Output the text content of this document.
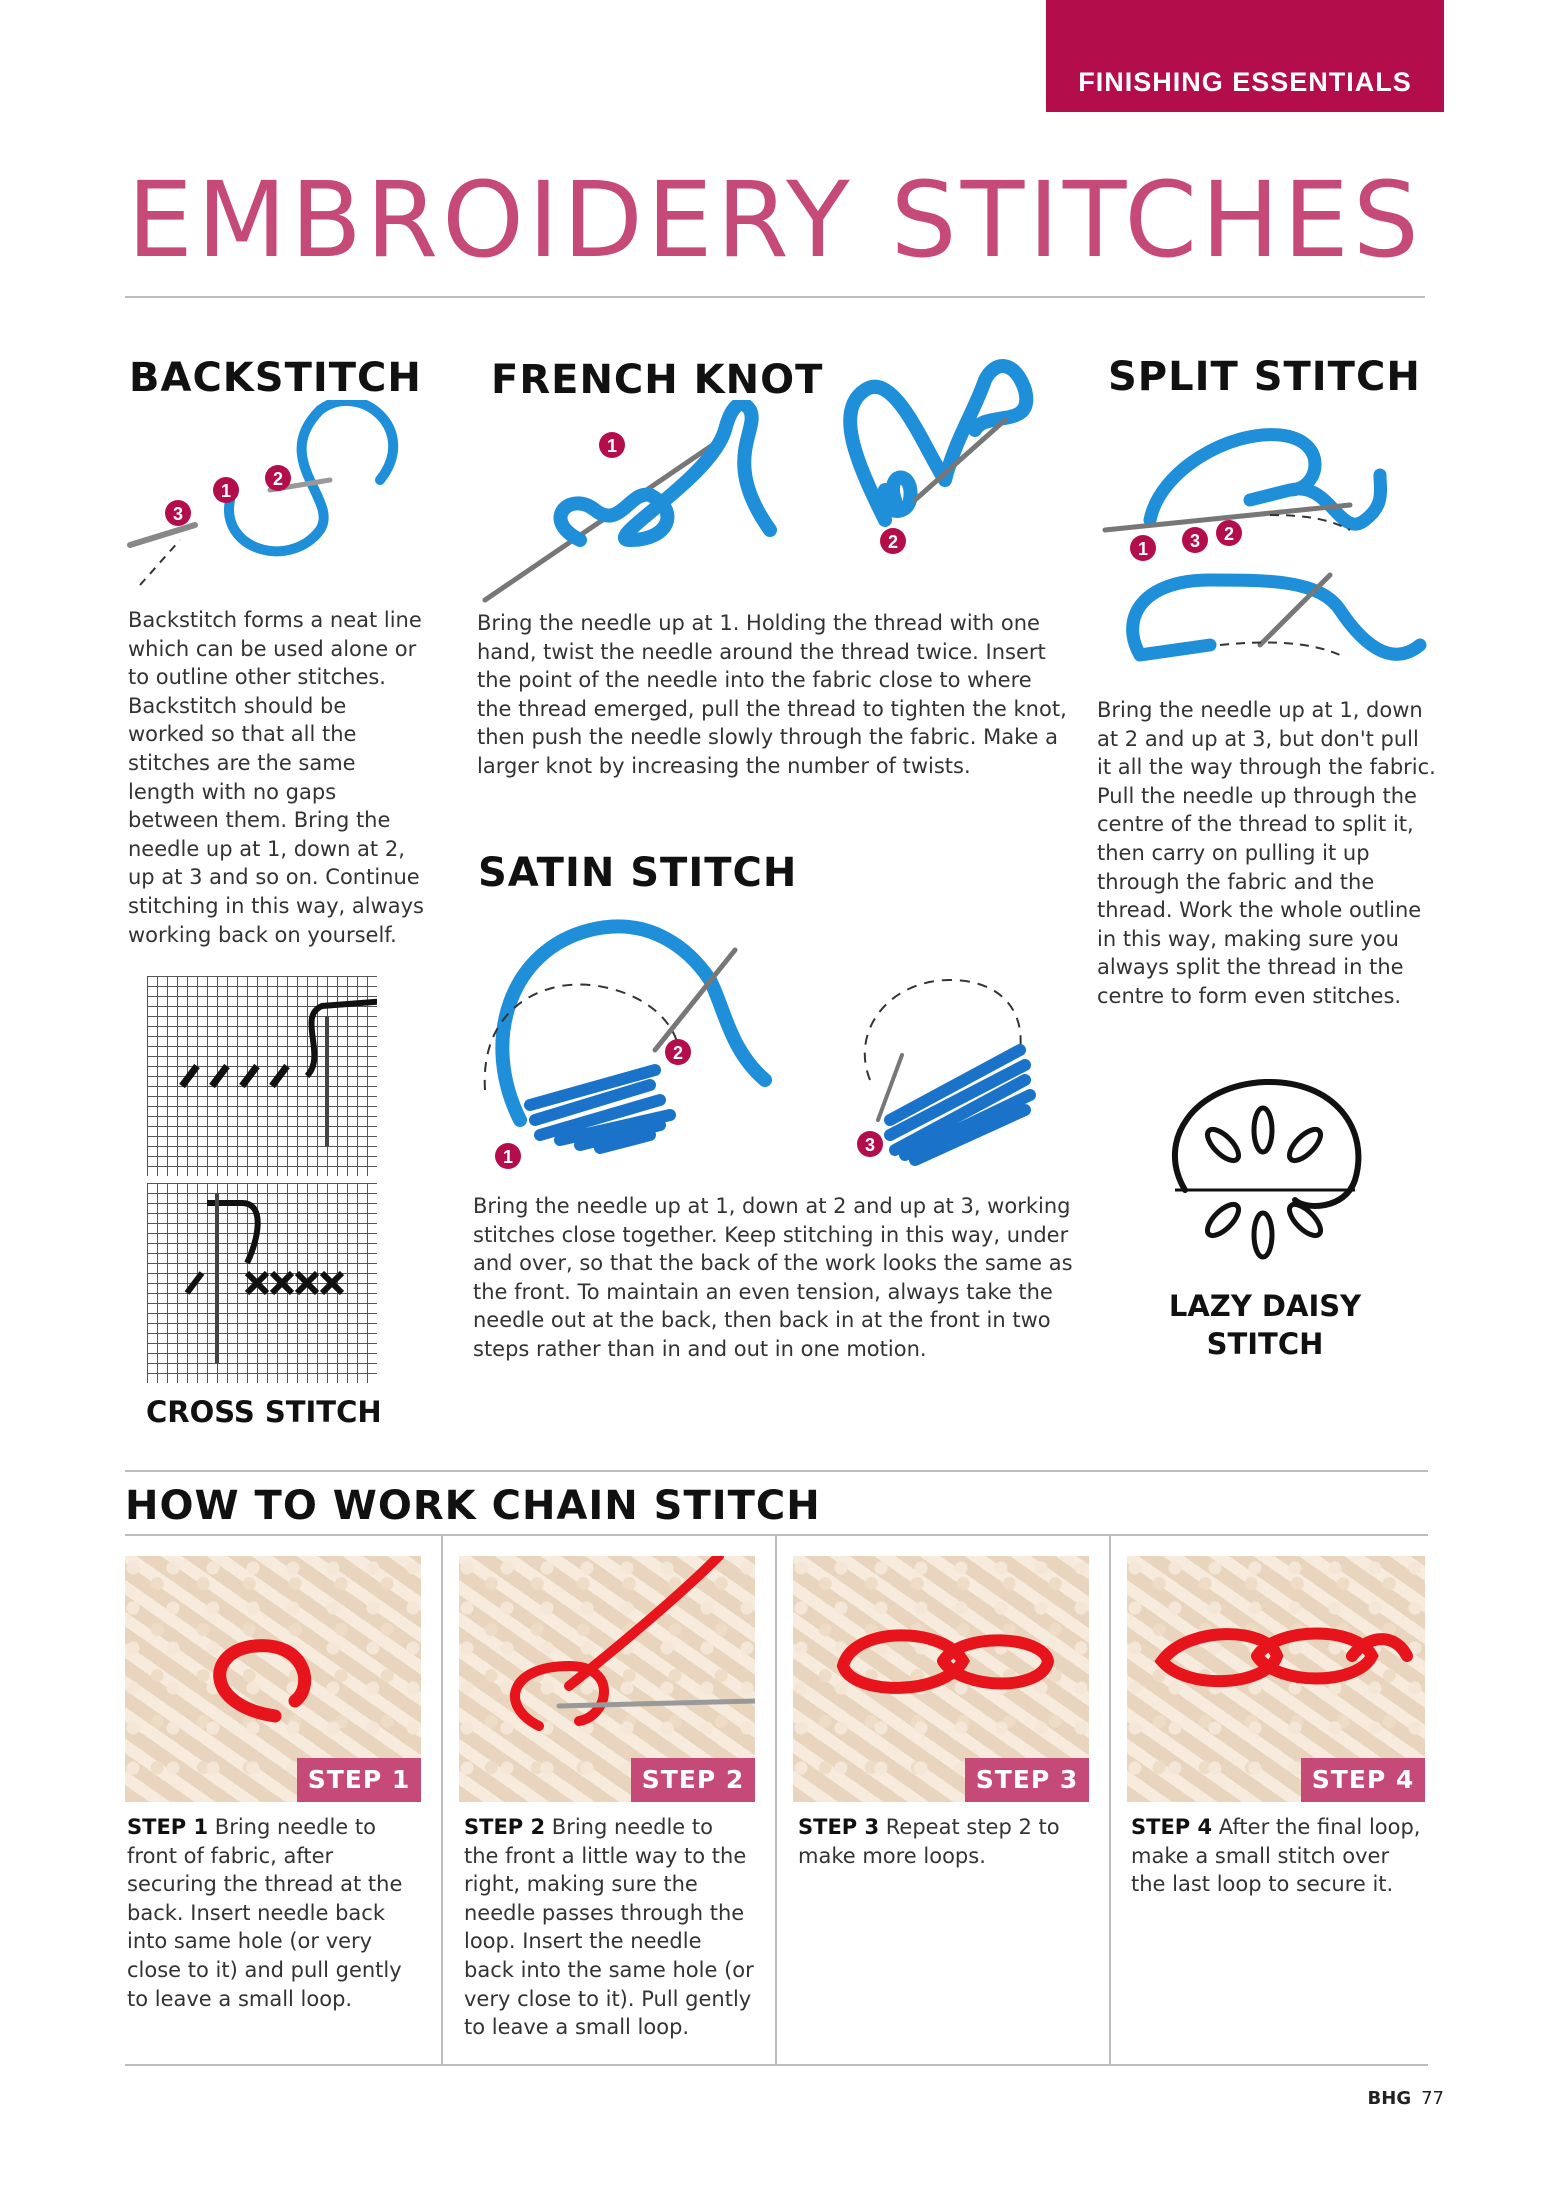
FINISHING ESSENTIALS
EMBROIDERY STITCHES
BACKSTITCH
3
1
2
Backstitch forms a neat line which can be used alone or to outline other stitches. Backstitch should be worked so that all the stitches are the same length with no gaps between them. Bring the needle up at 1, down at 2, up at 3 and so on. Continue stitching in this way, always working back on yourself.
CROSS STITCH
FRENCH KNOT
1
2
Bring the needle up at 1. Holding the thread with one hand, twist the needle around the thread twice. Insert the point of the needle into the fabric close to where the thread emerged, pull the thread to tighten the knot, then push the needle slowly through the fabric. Make a larger knot by increasing the number of twists.
SATIN STITCH
2
1
3
Bring the needle up at 1, down at 2 and up at 3, working stitches close together. Keep stitching in this way, under and over, so that the back of the work looks the same as the front. To maintain an even tension, always take the needle out at the back, then back in at the front in two steps rather than in and out in one motion.
SPLIT STITCH
1 3 2
Bring the needle up at 1, down at 2 and up at 3, but don't pull it all the way through the fabric. Pull the needle up through the centre of the thread to split it, then carry on pulling it up through the fabric and the thread. Work the whole outline in this way, making sure you always split the thread in the centre to form even stitches.
LAZY DAISY
STITCH
HOW TO WORK CHAIN STITCH
STEP 1
STEP 1 Bring needle to front of fabric, after securing the thread at the back. Insert needle back into same hole (or very close to it) and pull gently to leave a small loop.
STEP 2
STEP 2 Bring needle to the front a little way to the right, making sure the needle passes through the loop. Insert the needle back into the same hole (or very close to it). Pull gently to leave a small loop.
STEP 3
STEP 3 Repeat step 2 to make more loops.
STEP 4
STEP 4 After the final loop, make a small stitch over the last loop to secure it.
BHG 77
